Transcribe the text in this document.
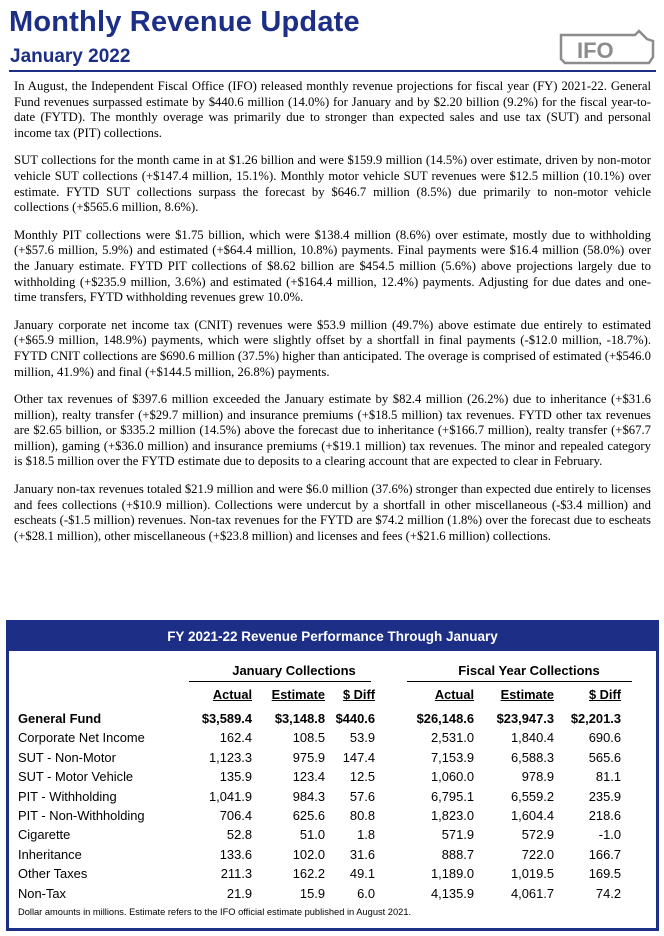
Monthly Revenue Update
January 2022	IFO

In August, the Independent Fiscal Office (IFO) released monthly revenue projections for fiscal year (FY) 2021-22. General Fund revenues surpassed estimate by $440.6 million (14.0%) for January and by $2.20 billion (9.2%) for the fiscal year-to-date (FYTD). The monthly overage was primarily due to stronger than expected sales and use tax (SUT) and personal income tax (PIT) collections.

SUT collections for the month came in at $1.26 billion and were $159.9 million (14.5%) over estimate, driven by non-motor vehicle SUT collections (+$147.4 million, 15.1%). Monthly motor vehicle SUT revenues were $12.5 million (10.1%) over estimate. FYTD SUT collections surpass the forecast by $646.7 million (8.5%) due primarily to non-motor vehicle collections (+$565.6 million, 8.6%).

Monthly PIT collections were $1.75 billion, which were $138.4 million (8.6%) over estimate, mostly due to withholding (+$57.6 million, 5.9%) and estimated (+$64.4 million, 10.8%) payments. Final payments were $16.4 million (58.0%) over the January estimate. FYTD PIT collections of $8.62 billion are $454.5 million (5.6%) above projections largely due to withholding (+$235.9 million, 3.6%) and estimated (+$164.4 million, 12.4%) payments. Adjusting for due dates and one-time transfers, FYTD withholding revenues grew 10.0%.

January corporate net income tax (CNIT) revenues were $53.9 million (49.7%) above estimate due entirely to estimated (+$65.9 million, 148.9%) payments, which were slightly offset by a shortfall in final payments (-$12.0 million, -18.7%). FYTD CNIT collections are $690.6 million (37.5%) higher than anticipated. The overage is comprised of estimated (+$546.0 million, 41.9%) and final (+$144.5 million, 26.8%) payments.

Other tax revenues of $397.6 million exceeded the January estimate by $82.4 million (26.2%) due to inheritance (+$31.6 million), realty transfer (+$29.7 million) and insurance premiums (+$18.5 million) tax revenues. FYTD other tax revenues are $2.65 billion, or $335.2 million (14.5%) above the forecast due to inheritance (+$166.7 million), realty transfer (+$67.7 million), gaming (+$36.0 million) and insurance premiums (+$19.1 million) tax revenues. The minor and repealed category is $18.5 million over the FYTD estimate due to deposits to a clearing account that are expected to clear in February.

January non-tax revenues totaled $21.9 million and were $6.0 million (37.6%) stronger than expected due entirely to licenses and fees collections (+$10.9 million). Collections were undercut by a shortfall in other miscellaneous (-$3.4 million) and escheats (-$1.5 million) revenues. Non-tax revenues for the FYTD are $74.2 million (1.8%) over the forecast due to escheats (+$28.1 million), other miscellaneous (+$23.8 million) and licenses and fees (+$21.6 million) collections.

FY 2021-22 Revenue Performance Through January
January Collections	Fiscal Year Collections
Actual	Estimate	$ Diff	Actual	Estimate	$ Diff
General Fund	$3,589.4	$3,148.8 $440.6	$26,148.6	$23,947.3	$2,201.3
Corporate Net Income	162.4	108.5	53.9	2,531.0	1,840.4	690.6
SUT - Non-Motor	1,123.3	975.9	147.4	7,153.9	6,588.3	565.6
SUT - Motor Vehicle	135.9	123.4	12.5	1,060.0	978.9	81.1
PIT - Withholding	1,041.9	984.3	57.6	6,795.1	6,559.2	235.9
PIT - Non-Withholding	706.4	625.6	80.8	1,823.0	1,604.4	218.6
Cigarette	52.8	51.0	1.8	571.9	572.9	-1.0
Inheritance	133.6	102.0	31.6	888.7	722.0	166.7
Other Taxes	211.3	162.2	49.1	1,189.0	1,019.5	169.5
Non-Tax	21.9	15.9	6.0	4,135.9	4,061.7	74.2
Dollar amounts in millions. Estimate refers to the IFO official estimate published in August 2021.
